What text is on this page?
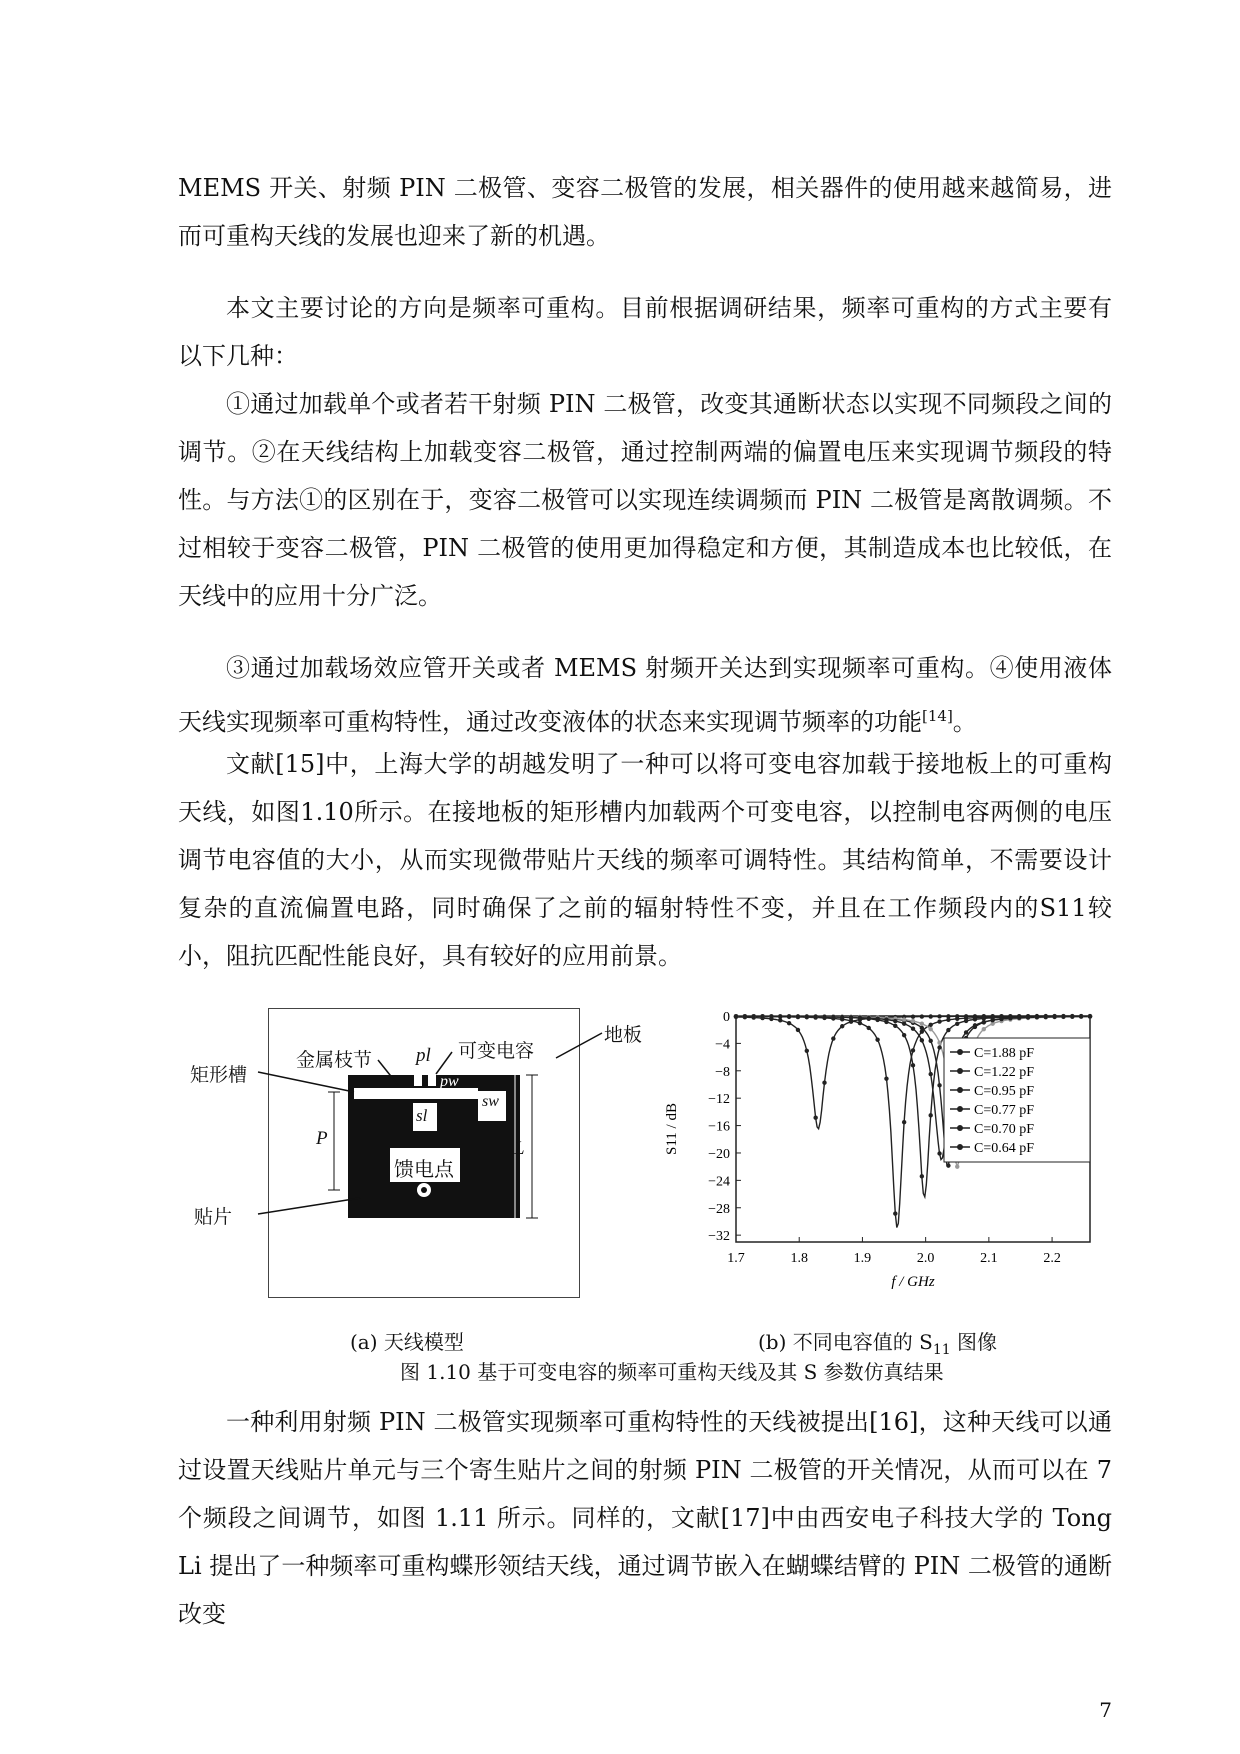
MEMS 开关、射频 PIN 二极管、变容二极管的发展，相关器件的使用越来越简易，进而可重构天线的发展也迎来了新的机遇。

本文主要讨论的方向是频率可重构。目前根据调研结果，频率可重构的方式主要有以下几种：

①通过加载单个或者若干射频 PIN 二极管，改变其通断状态以实现不同频段之间的调节。②在天线结构上加载变容二极管，通过控制两端的偏置电压来实现调节频段的特性。与方法①的区别在于，变容二极管可以实现连续调频而 PIN 二极管是离散调频。不过相较于变容二极管，PIN 二极管的使用更加得稳定和方便，其制造成本也比较低，在天线中的应用十分广泛。

③通过加载场效应管开关或者 MEMS 射频开关达到实现频率可重构。④使用液体天线实现频率可重构特性，通过改变液体的状态来实现调节频率的功能[14]。

文献[15]中，上海大学的胡越发明了一种可以将可变电容加载于接地板上的可重构天线，如图1.10所示。在接地板的矩形槽内加载两个可变电容，以控制电容两侧的电压调节电容值的大小，从而实现微带贴片天线的频率可调特性。其结构简单，不需要设计复杂的直流偏置电路，同时确保了之前的辐射特性不变，并且在工作频段内的S11较小，阻抗匹配性能良好，具有较好的应用前景。

矩形槽
金属枝节 pl 可变电容
地板
pw
sw
sl
P	L
馈电点
贴片
0
−4
−8
−12
−16
−20
−24
−28
−32
1.7	1.8	1.9	2.0	2.1	2.2
f / GHz
S11 / dB
C=1.88 pF
C=1.22 pF
C=0.95 pF
C=0.77 pF
C=0.70 pF
C=0.64 pF
(a) 天线模型	(b) 不同电容值的 $S_{11}$ 图像
图 1.10 基于可变电容的频率可重构天线及其 S 参数仿真结果

一种利用射频 PIN 二极管实现频率可重构特性的天线被提出[16]，这种天线可以通过设置天线贴片单元与三个寄生贴片之间的射频 PIN 二极管的开关情况，从而可以在 7 个频段之间调节，如图 1.11 所示。同样的，文献[17]中由西安电子科技大学的 Tong Li 提出了一种频率可重构蝶形领结天线，通过调节嵌入在蝴蝶结臂的 PIN 二极管的通断改变

7
